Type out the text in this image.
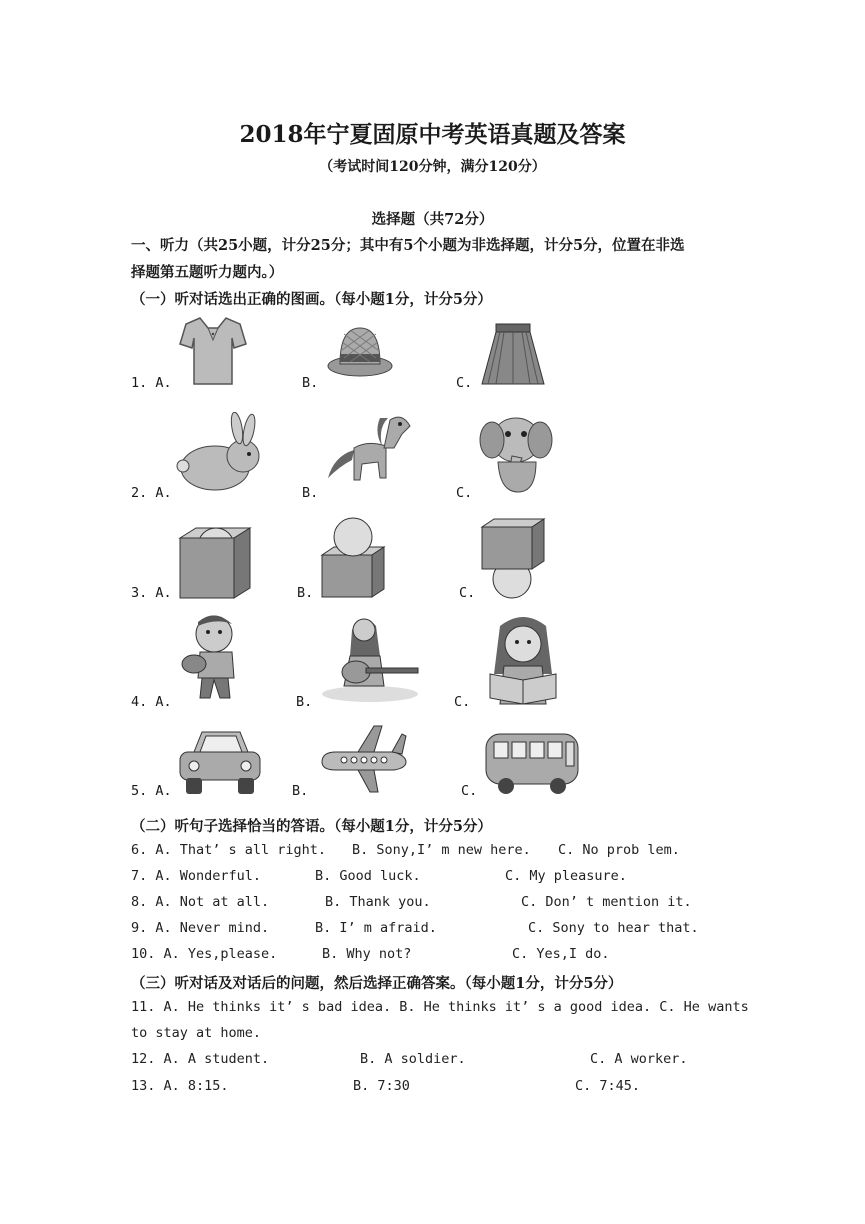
2018年宁夏固原中考英语真题及答案
（考试时间120分钟，满分120分）
选择题（共72分）
一、听力（共25小题，计分25分；其中有5个小题为非选择题，计分5分，位置在非选
择题第五题听力题内。）
（一）听对话选出正确的图画。（每小题1分，计分5分）
1. A.	B.	C.
2. A.	B.	C.
3. A.	B.	C.
4. A.	B.	C.
5. A.	B.	C.
（二）听句子选择恰当的答语。（每小题1分，计分5分）
6. A. That’ s all right. B. Sony,I’ m new here. C. No prob lem.
7. A. Wonderful.	B. Good luck.	C. My pleasure.
8. A. Not at all.	B. Thank you.	C. Don’ t mention it.
9. A. Never mind.	B. I’ m afraid.	C. Sony to hear that.
10. A. Yes,please.	B. Why not?	C. Yes,I do.
（三）听对话及对话后的问题，然后选择正确答案。（每小题1分，计分5分）
11. A. He thinks it’ s bad idea. B. He thinks it’ s a good idea. C. He wants
to stay at home.
12. A. A student.	B. A soldier.	C. A worker.
13. A. 8:15.	B. 7:30	C. 7:45.
